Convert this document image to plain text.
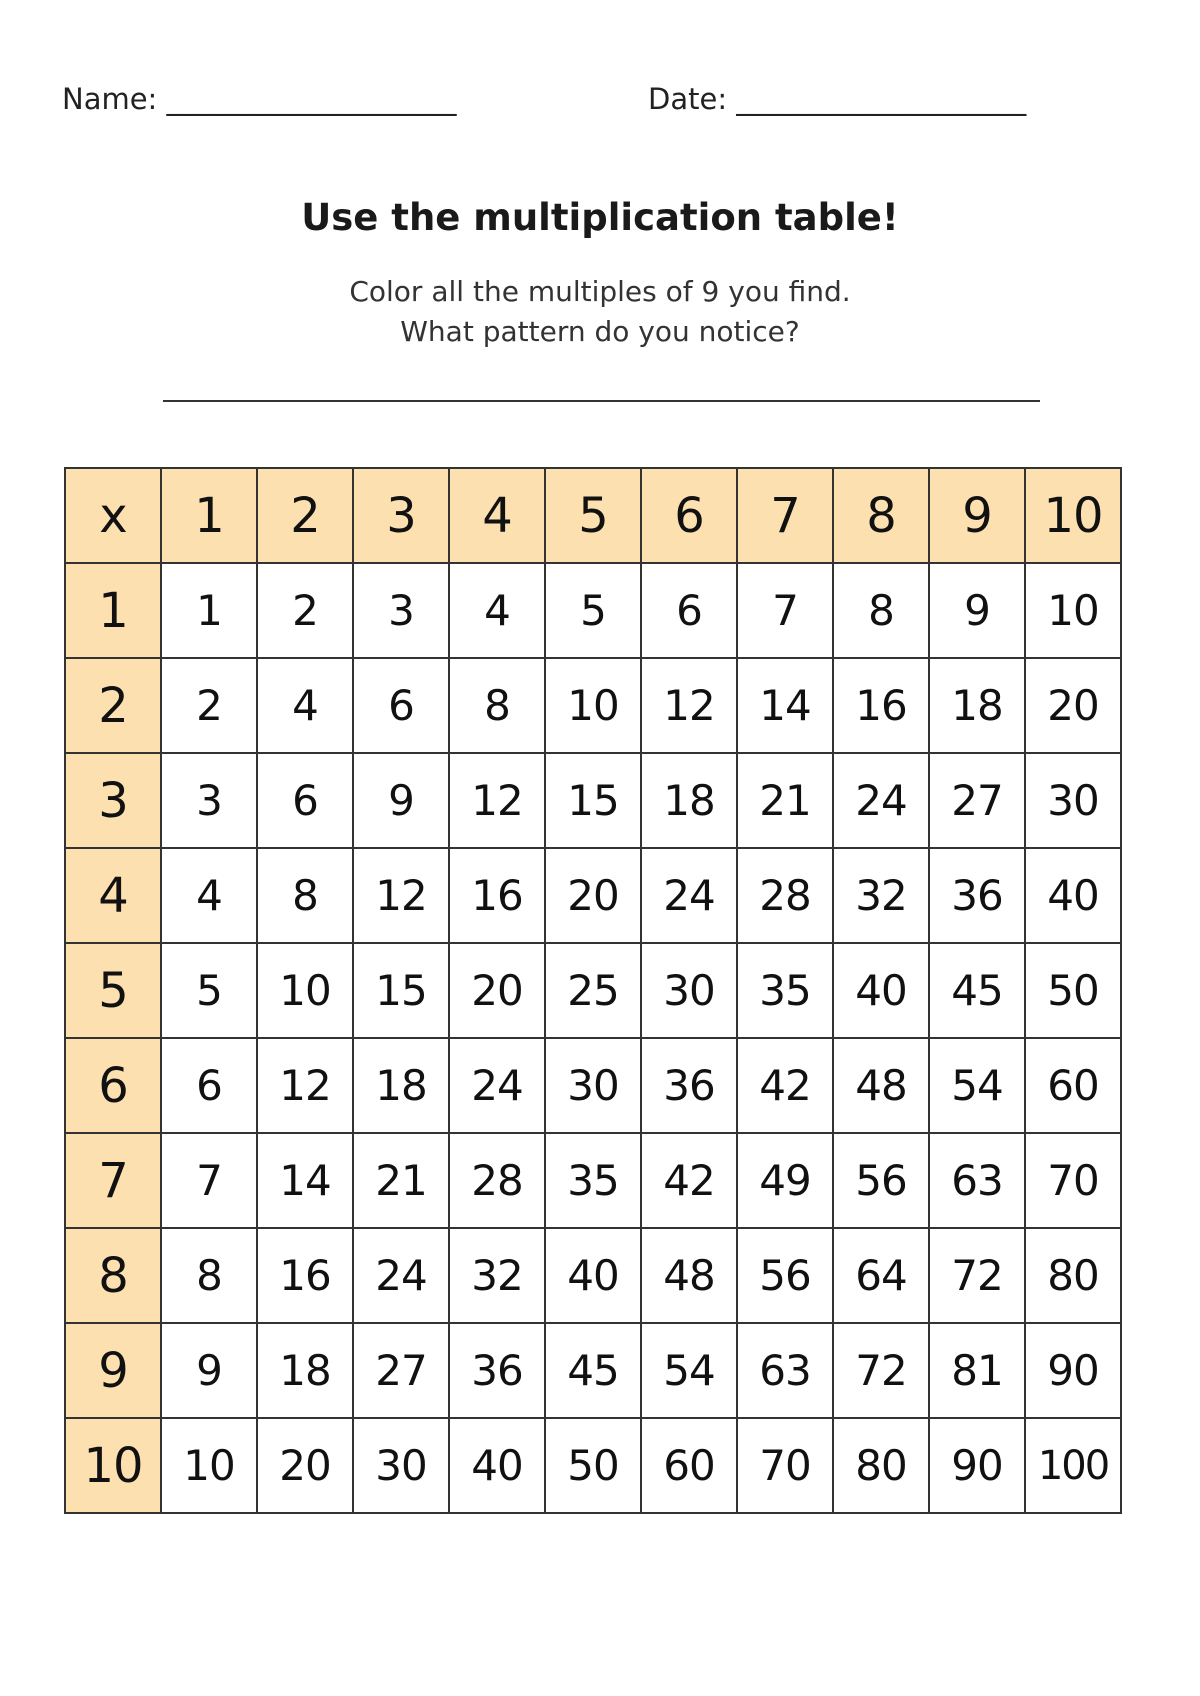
Name: ____________________	Date: ____________________
Use the multiplication table!
Color all the multiples of 9 you find.
What pattern do you notice?
x	1	2	3	4	5	6	7	8	9	10
1	1	2	3	4	5	6	7	8	9	10
2	2	4	6	8	10	12	14	16	18	20
3	3	6	9	12	15	18	21	24	27	30
4	4	8	12	16	20	24	28	32	36	40
5	5	10	15	20	25	30	35	40	45	50
6	6	12	18	24	30	36	42	48	54	60
7	7	14	21	28	35	42	49	56	63	70
8	8	16	24	32	40	48	56	64	72	80
9	9	18	27	36	45	54	63	72	81	90
10	10	20	30	40	50	60	70	80	90	100
